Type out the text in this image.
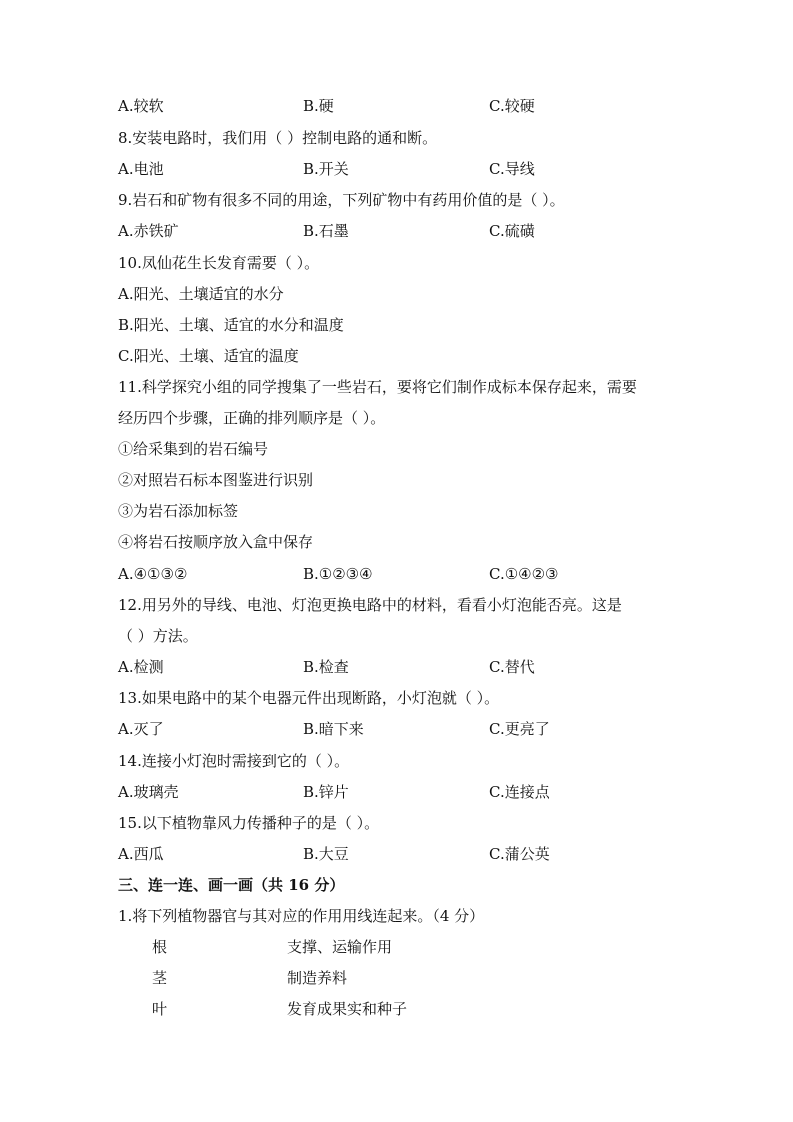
A.较软	B.硬	C.较硬
8.安装电路时，我们用（ ）控制电路的通和断。
A.电池	B.开关	C.导线
9.岩石和矿物有很多不同的用途，下列矿物中有药用价值的是（ ）。
A.赤铁矿	B.石墨	C.硫磺
10.凤仙花生长发育需要（ ）。
A.阳光、土壤适宜的水分
B.阳光、土壤、适宜的水分和温度
C.阳光、土壤、适宜的温度
11.科学探究小组的同学搜集了一些岩石，要将它们制作成标本保存起来，需要
经历四个步骤，正确的排列顺序是（ ）。
①给采集到的岩石编号
②对照岩石标本图鉴进行识别
③为岩石添加标签
④将岩石按顺序放入盒中保存
A.④①③②	B.①②③④	C.①④②③
12.用另外的导线、电池、灯泡更换电路中的材料，看看小灯泡能否亮。这是
（ ）方法。
A.检测	B.检查	C.替代
13.如果电路中的某个电器元件出现断路，小灯泡就（ ）。
A.灭了	B.暗下来	C.更亮了
14.连接小灯泡时需接到它的（ ）。
A.玻璃壳	B.锌片	C.连接点
15.以下植物靠风力传播种子的是（ ）。
A.西瓜	B.大豆	C.蒲公英
三、连一连、画一画（共 16 分）
1.将下列植物器官与其对应的作用用线连起来。（4 分）
根	支撑、运输作用
茎	制造养料
叶	发育成果实和种子
